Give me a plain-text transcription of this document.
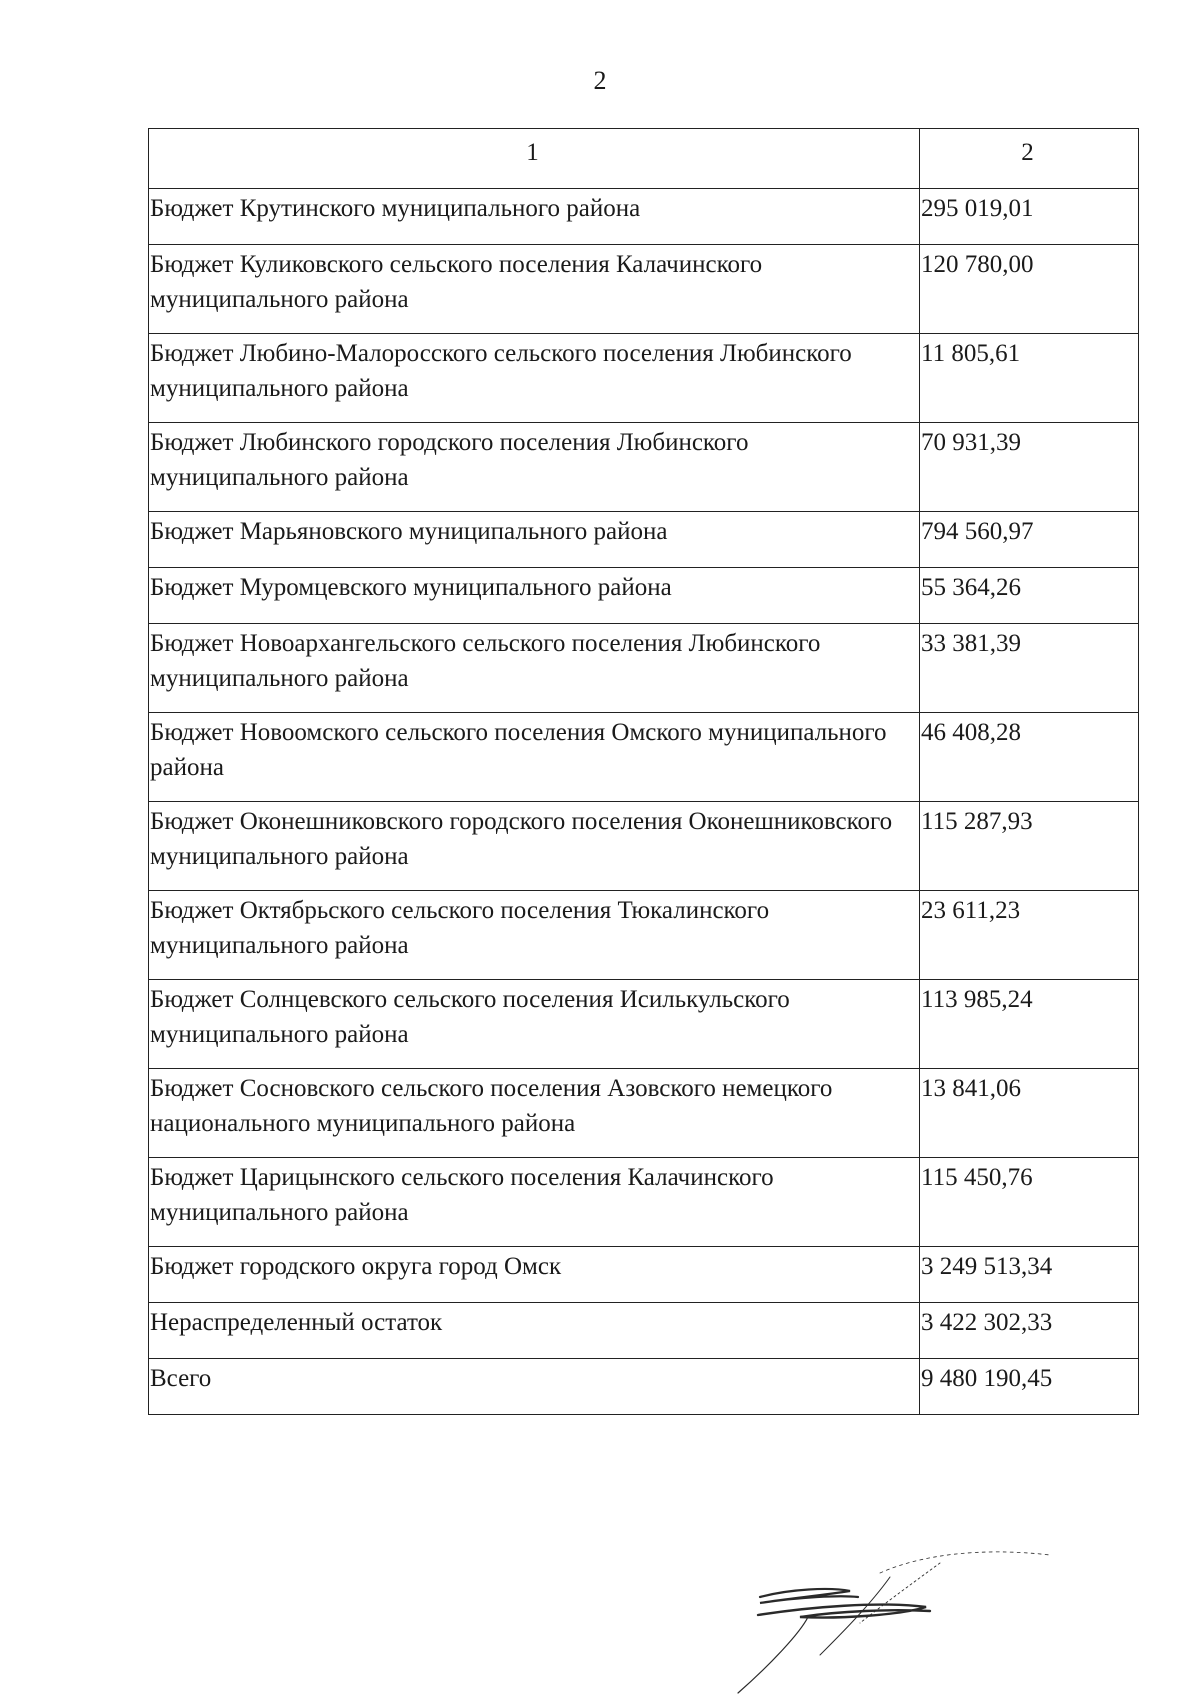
2
1	2
Бюджет Крутинского муниципального района	295 019,01
Бюджет Куликовского сельского поселения Калачинского муниципального района	120 780,00
Бюджет Любино-Малоросского сельского поселения Любинского муниципального района	11 805,61
Бюджет Любинского городского поселения Любинского муниципального района	70 931,39
Бюджет Марьяновского муниципального района	794 560,97
Бюджет Муромцевского муниципального района	55 364,26
Бюджет Новоархангельского сельского поселения Любинского муниципального района	33 381,39
Бюджет Новоомского сельского поселения Омского муниципального района	46 408,28
Бюджет Оконешниковского городского поселения Оконешниковского муниципального района	115 287,93
Бюджет Октябрьского сельского поселения Тюкалинского муниципального района	23 611,23
Бюджет Солнцевского сельского поселения Исилькульского муниципального района	113 985,24
Бюджет Сосновского сельского поселения Азовского немецкого национального муниципального района	13 841,06
Бюджет Царицынского сельского поселения Калачинского муниципального района	115 450,76
Бюджет городского округа город Омск	3 249 513,34
Нераспределенный остаток	3 422 302,33
Всего	9 480 190,45
